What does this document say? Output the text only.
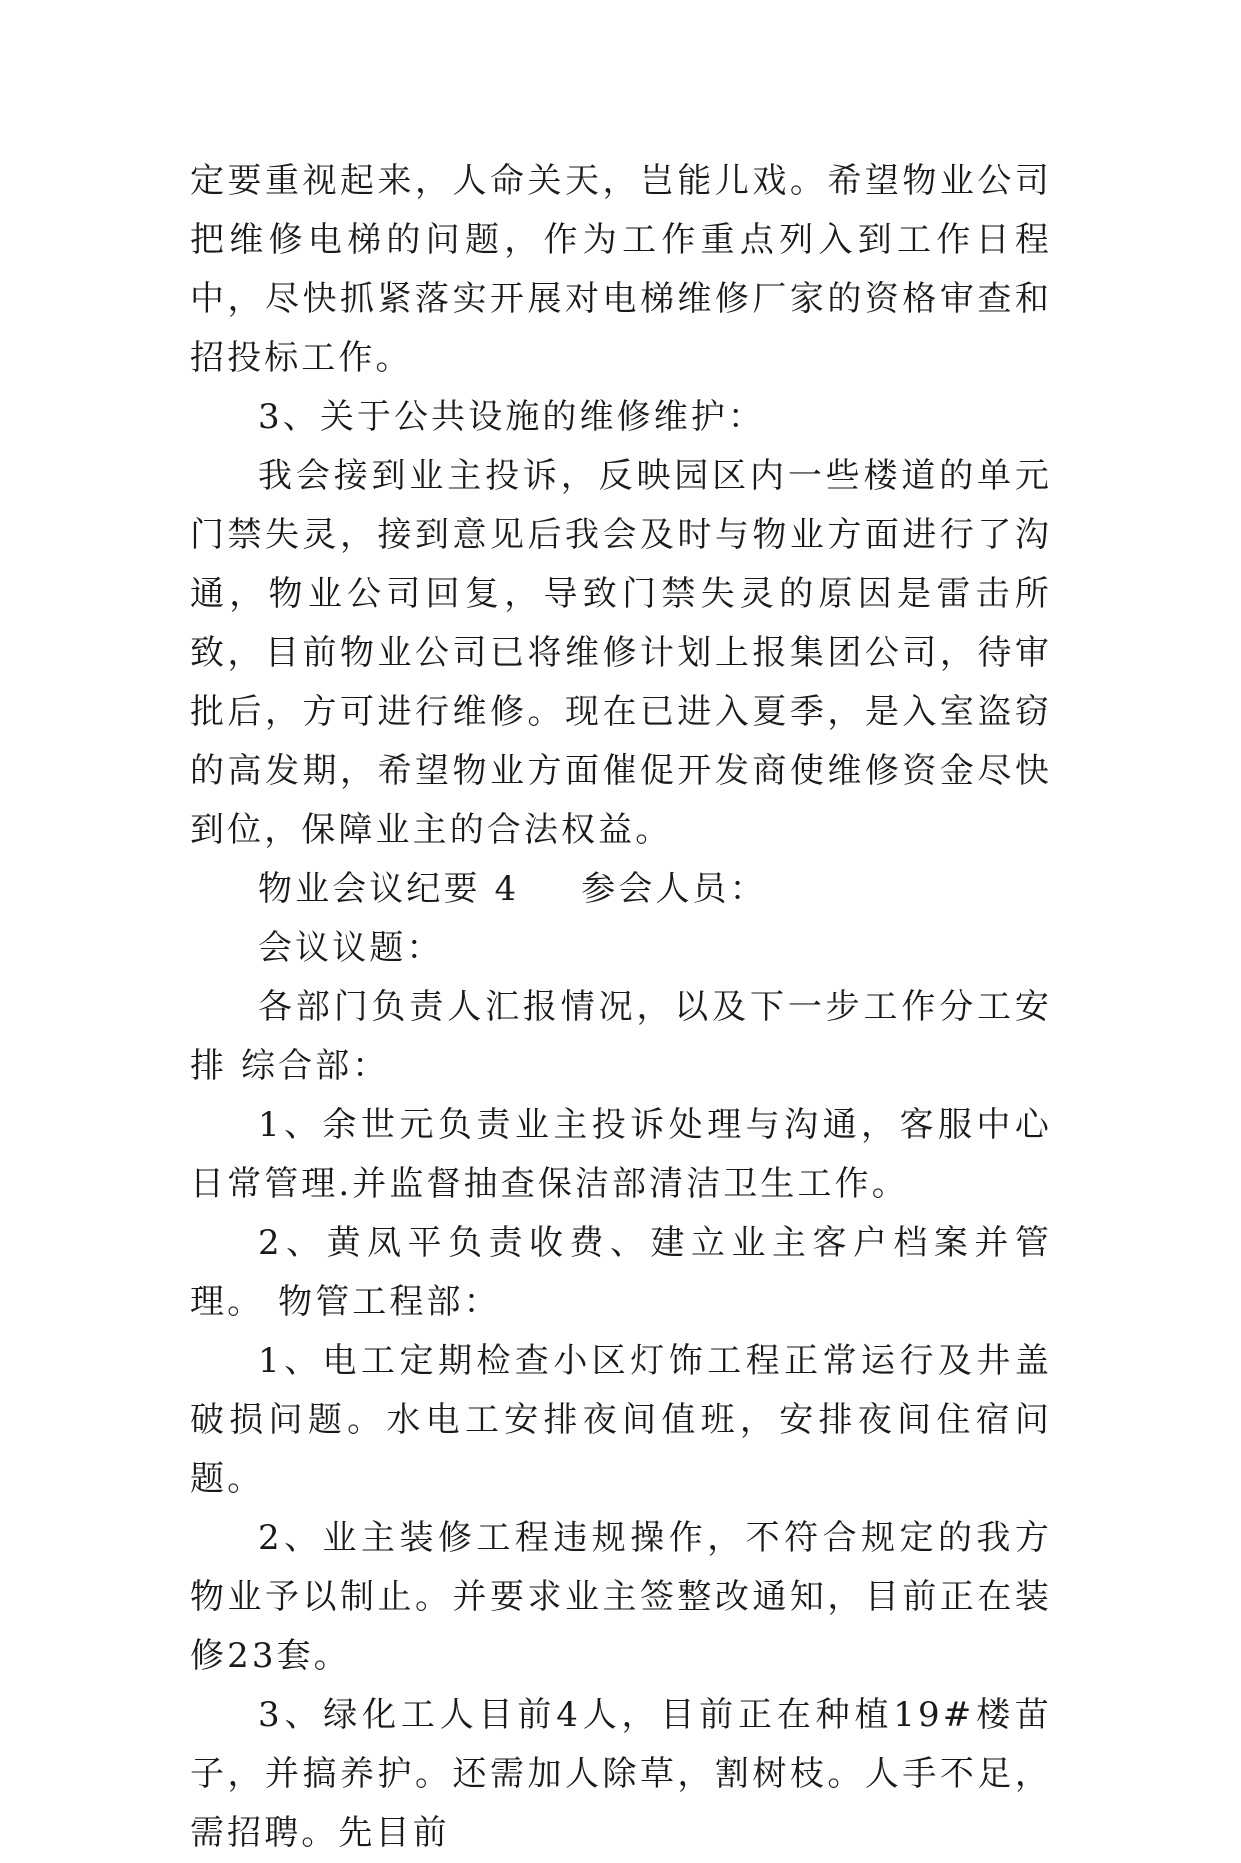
定要重视起来，人命关天，岂能儿戏。希望物业公司把维修电梯的问题，作为工作重点列入到工作日程中，尽快抓紧落实开展对电梯维修厂家的资格审查和招投标工作。

3、关于公共设施的维修维护：

我会接到业主投诉，反映园区内一些楼道的单元门禁失灵，接到意见后我会及时与物业方面进行了沟通，物业公司回复，导致门禁失灵的原因是雷击所致，目前物业公司已将维修计划上报集团公司，待审批后，方可进行维修。现在已进入夏季，是入室盗窃的高发期，希望物业方面催促开发商使维修资金尽快到位，保障业主的合法权益。

物业会议纪要 4 参会人员：

会议议题：

各部门负责人汇报情况，以及下一步工作分工安排 综合部：

1、余世元负责业主投诉处理与沟通，客服中心日常管理.并监督抽查保洁部清洁卫生工作。

2、黄凤平负责收费、建立业主客户档案并管理。 物管工程部：

1、电工定期检查小区灯饰工程正常运行及井盖破损问题。水电工安排夜间值班，安排夜间住宿问题。

2、业主装修工程违规操作，不符合规定的我方物业予以制止。并要求业主签整改通知，目前正在装修23套。

3、绿化工人目前4人，目前正在种植19#楼苗子，并搞养护。还需加人除草，割树枝。人手不足，需招聘。先目前
